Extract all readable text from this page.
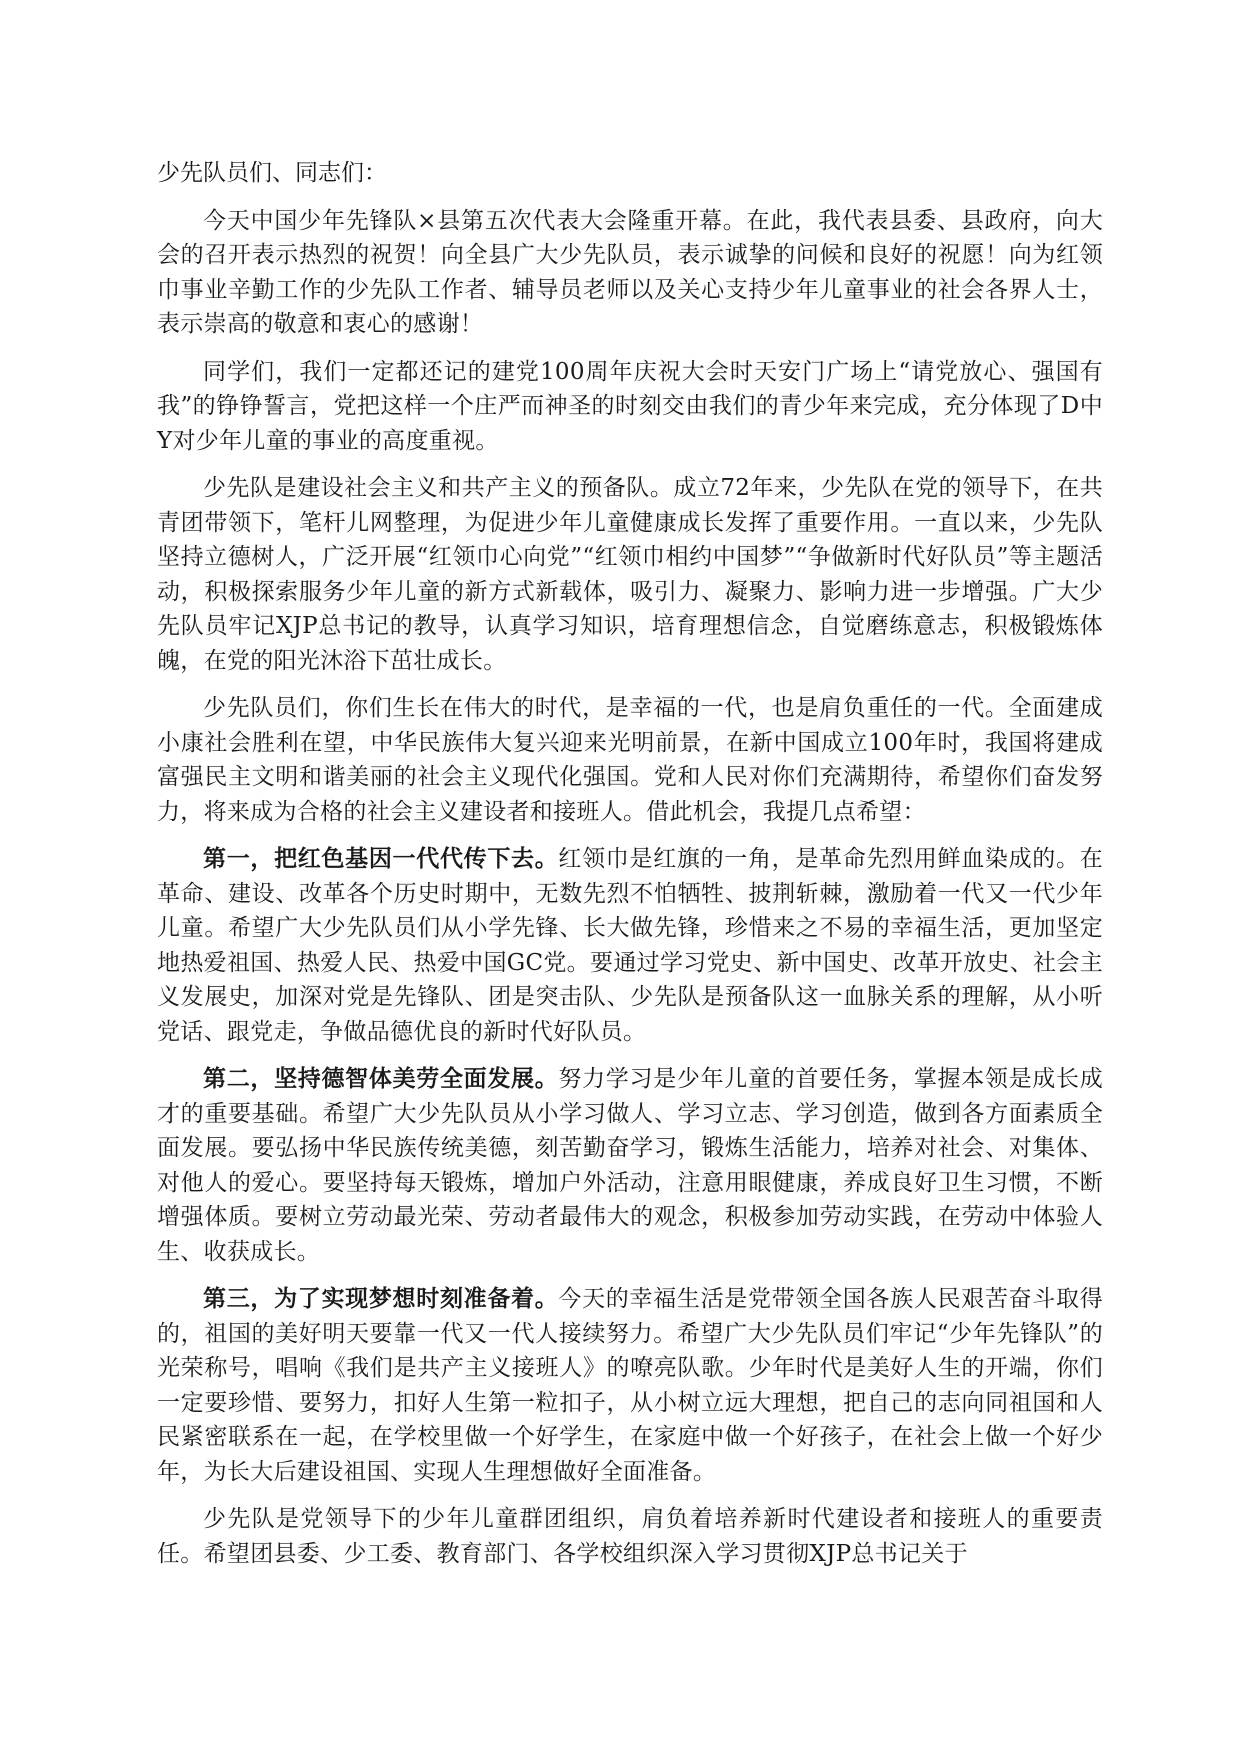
少先队员们、同志们：

今天中国少年先锋队×县第五次代表大会隆重开幕。在此，我代表县委、县政府，向大会的召开表示热烈的祝贺！向全县广大少先队员，表示诚挚的问候和良好的祝愿！向为红领巾事业辛勤工作的少先队工作者、辅导员老师以及关心支持少年儿童事业的社会各界人士，表示崇高的敬意和衷心的感谢！

同学们，我们一定都还记的建党100周年庆祝大会时天安门广场上“请党放心、强国有我”的铮铮誓言，党把这样一个庄严而神圣的时刻交由我们的青少年来完成，充分体现了D中Y对少年儿童的事业的高度重视。

少先队是建设社会主义和共产主义的预备队。成立72年来，少先队在党的领导下，在共青团带领下，笔杆儿网整理，为促进少年儿童健康成长发挥了重要作用。一直以来，少先队坚持立德树人，广泛开展“红领巾心向党”“红领巾相约中国梦”“争做新时代好队员”等主题活动，积极探索服务少年儿童的新方式新载体，吸引力、凝聚力、影响力进一步增强。广大少先队员牢记XJP总书记的教导，认真学习知识，培育理想信念，自觉磨练意志，积极锻炼体魄，在党的阳光沐浴下茁壮成长。

少先队员们，你们生长在伟大的时代，是幸福的一代，也是肩负重任的一代。全面建成小康社会胜利在望，中华民族伟大复兴迎来光明前景，在新中国成立100年时，我国将建成富强民主文明和谐美丽的社会主义现代化强国。党和人民对你们充满期待，希望你们奋发努力，将来成为合格的社会主义建设者和接班人。借此机会，我提几点希望：

第一，把红色基因一代代传下去。红领巾是红旗的一角，是革命先烈用鲜血染成的。在革命、建设、改革各个历史时期中，无数先烈不怕牺牲、披荆斩棘，激励着一代又一代少年儿童。希望广大少先队员们从小学先锋、长大做先锋，珍惜来之不易的幸福生活，更加坚定地热爱祖国、热爱人民、热爱中国GC党。要通过学习党史、新中国史、改革开放史、社会主义发展史，加深对党是先锋队、团是突击队、少先队是预备队这一血脉关系的理解，从小听党话、跟党走，争做品德优良的新时代好队员。

第二，坚持德智体美劳全面发展。努力学习是少年儿童的首要任务，掌握本领是成长成才的重要基础。希望广大少先队员从小学习做人、学习立志、学习创造，做到各方面素质全面发展。要弘扬中华民族传统美德，刻苦勤奋学习，锻炼生活能力，培养对社会、对集体、对他人的爱心。要坚持每天锻炼，增加户外活动，注意用眼健康，养成良好卫生习惯，不断增强体质。要树立劳动最光荣、劳动者最伟大的观念，积极参加劳动实践，在劳动中体验人生、收获成长。

第三，为了实现梦想时刻准备着。今天的幸福生活是党带领全国各族人民艰苦奋斗取得的，祖国的美好明天要靠一代又一代人接续努力。希望广大少先队员们牢记“少年先锋队”的光荣称号，唱响《我们是共产主义接班人》的嘹亮队歌。少年时代是美好人生的开端，你们一定要珍惜、要努力，扣好人生第一粒扣子，从小树立远大理想，把自己的志向同祖国和人民紧密联系在一起，在学校里做一个好学生，在家庭中做一个好孩子，在社会上做一个好少年，为长大后建设祖国、实现人生理想做好全面准备。

少先队是党领导下的少年儿童群团组织，肩负着培养新时代建设者和接班人的重要责任。希望团县委、少工委、教育部门、各学校组织深入学习贯彻XJP总书记关于
